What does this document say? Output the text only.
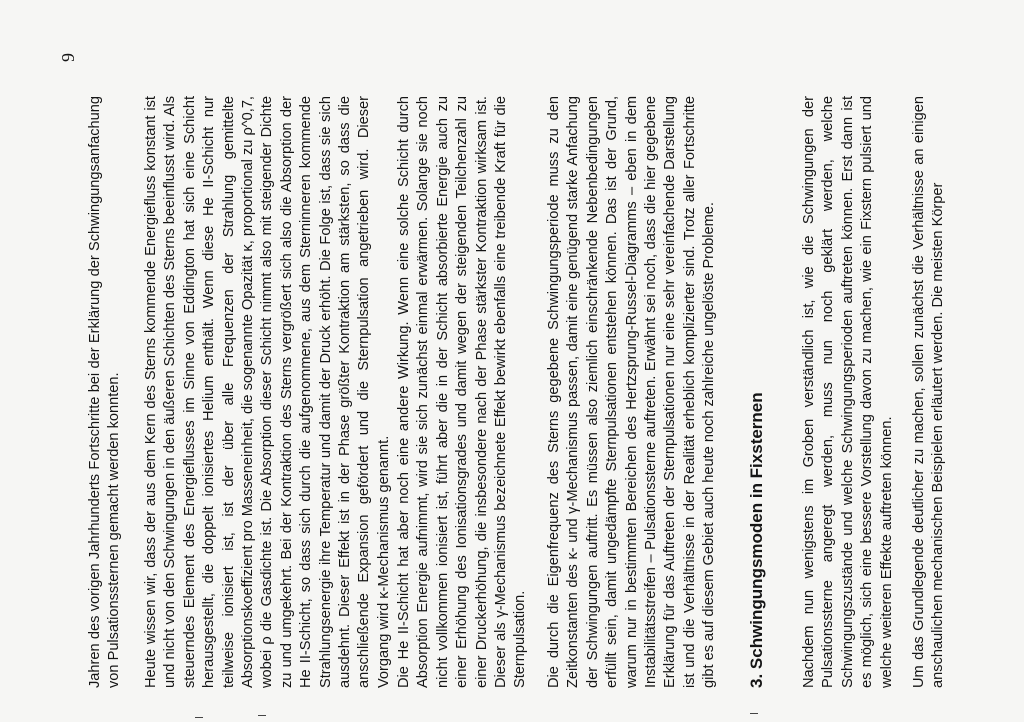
9

Jahren des vorigen Jahrhunderts Fortschritte bei der Erklärung der Schwingungsanfachung von Pulsationssternen gemacht werden konnten. Heute wissen wir, dass der aus dem Kern des Sterns kommende Energiefluss konstant ist und nicht von den Schwingungen in den äußeren Schichten des Sterns beeinflusst wird. Als steuerndes Element des Energieflusses im Sinne von Eddington hat sich eine Schicht herausgestellt, die doppelt ionisiertes Helium enthält. Wenn diese He II-Schicht nur teilweise ionisiert ist, ist der über alle Frequenzen der Strahlung gemittelte Absorptionskoeffizient pro Masseneinheit, die sogenannte Opazität κ, proportional zu ρ^0,7, wobei ρ die Gasdichte ist. Die Absorption dieser Schicht nimmt also mit steigender Dichte zu und umgekehrt. Bei der Kontraktion des Sterns vergrößert sich also die Absorption der He II-Schicht, so dass sich durch die aufgenommene, aus dem Sterninneren kommende Strahlungsenergie ihre Temperatur und damit der Druck erhöht. Die Folge ist, dass sie sich ausdehnt. Dieser Effekt ist in der Phase größter Kontraktion am stärksten, so dass die anschließende Expansion gefördert und die Sternpulsation angetrieben wird. Dieser Vorgang wird κ-Mechanismus genannt. Die He II-Schicht hat aber noch eine andere Wirkung. Wenn eine solche Schicht durch Absorption Energie aufnimmt, wird sie sich zunächst einmal erwärmen. Solange sie noch nicht vollkommen ionisiert ist, führt aber die in der Schicht absorbierte Energie auch zu einer Erhöhung des Ionisationsgrades und damit wegen der steigenden Teilchenzahl zu einer Druckerhöhung, die insbesondere nach der Phase stärkster Kontraktion wirksam ist. Dieser als γ-Mechanismus bezeichnete Effekt bewirkt ebenfalls eine treibende Kraft für die Sternpulsation. Die durch die Eigenfrequenz des Sterns gegebene Schwingungsperiode muss zu den Zeitkonstanten des κ- und γ-Mechanismus passen, damit eine genügend starke Anfachung der Schwingungen auftritt. Es müssen also ziemlich einschränkende Nebenbedingungen erfüllt sein, damit ungedämpfte Sternpulsationen entstehen können. Das ist der Grund, warum nur in bestimmten Bereichen des Hertzsprung-Russel-Diagramms – eben in dem Instabilitätsstreifen – Pulsationssterne auftreten. Erwähnt sei noch, dass die hier gegebene Erklärung für das Auftreten der Sternpulsationen nur eine sehr vereinfachende Darstellung ist und die Verhältnisse in der Realität erheblich komplizierter sind. Trotz aller Fortschritte gibt es auf diesem Gebiet auch heute noch zahlreiche ungelöste Probleme. 3. Schwingungsmoden in Fixsternen Nachdem nun wenigstens im Groben verständlich ist, wie die Schwingungen der Pulsationssterne angeregt werden, muss nun noch geklärt werden, welche Schwingungszustände und welche Schwingungsperioden auftreten können. Erst dann ist es möglich, sich eine bessere Vorstellung davon zu machen, wie ein Fixstern pulsiert und welche weiteren Effekte auftreten können. Um das Grundlegende deutlicher zu machen, sollen zunächst die Verhältnisse an einigen anschaulichen mechanischen Beispielen erläutert werden. Die meisten Körper
